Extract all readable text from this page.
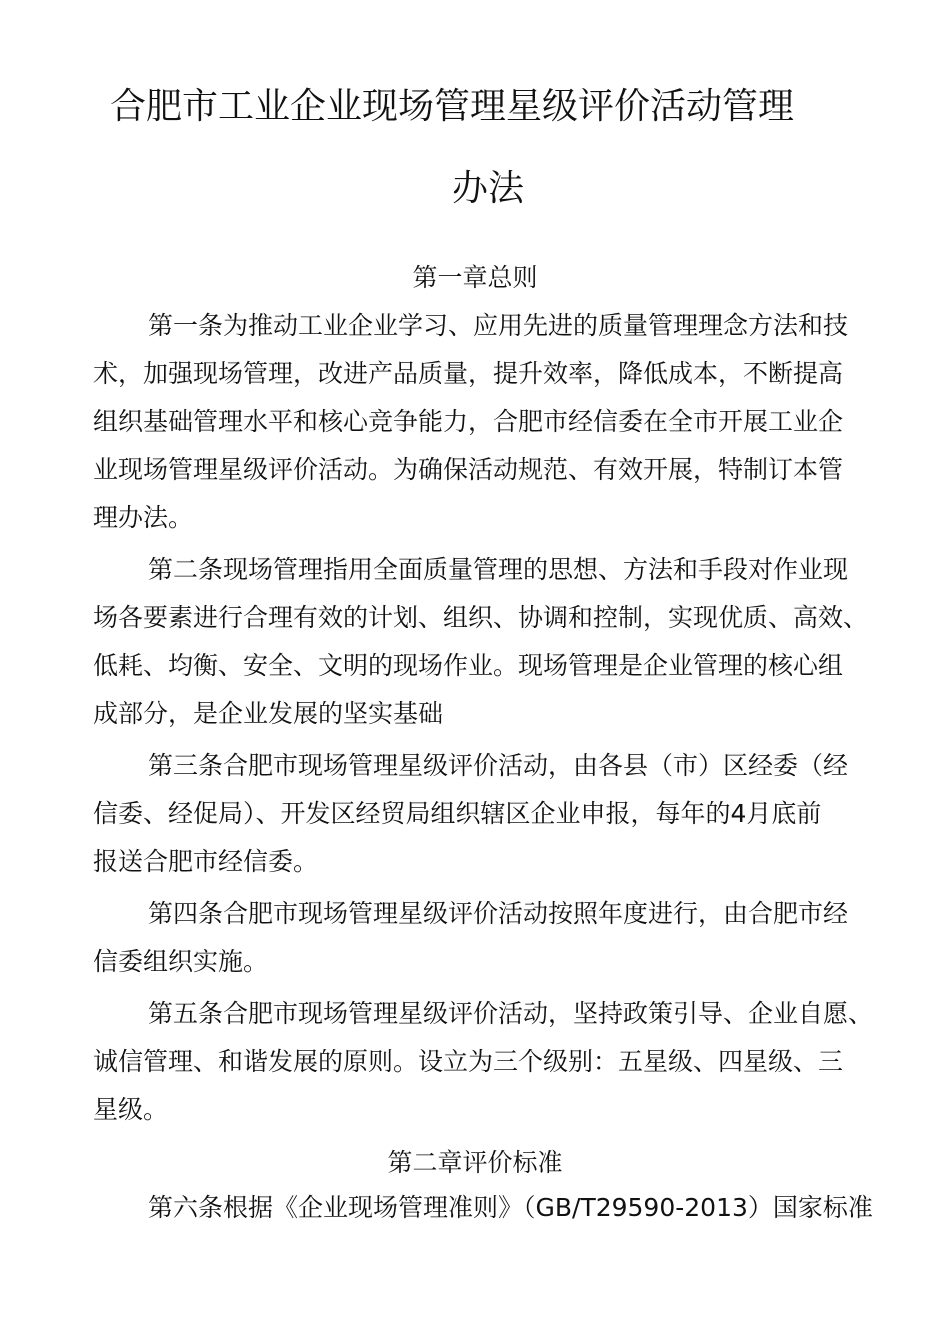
合肥市工业企业现场管理星级评价活动管理
办法
第一章总则
第一条为推动工业企业学习、应用先进的质量管理理念方法和技
术，加强现场管理，改进产品质量，提升效率，降低成本，不断提高
组织基础管理水平和核心竞争能力，合肥市经信委在全市开展工业企
业现场管理星级评价活动。为确保活动规范、有效开展，特制订本管
理办法。
第二条现场管理指用全面质量管理的思想、方法和手段对作业现
场各要素进行合理有效的计划、组织、协调和控制，实现优质、高效、
低耗、均衡、安全、文明的现场作业。现场管理是企业管理的核心组
成部分，是企业发展的坚实基础
第三条合肥市现场管理星级评价活动，由各县（市）区经委（经
信委、经促局）、开发区经贸局组织辖区企业申报，每年的4月底前
报送合肥市经信委。
第四条合肥市现场管理星级评价活动按照年度进行，由合肥市经
信委组织实施。
第五条合肥市现场管理星级评价活动，坚持政策引导、企业自愿、
诚信管理、和谐发展的原则。设立为三个级别：五星级、四星级、三
星级。
第二章评价标准
第六条根据《企业现场管理准则》（GB/T29590-2013）国家标准
